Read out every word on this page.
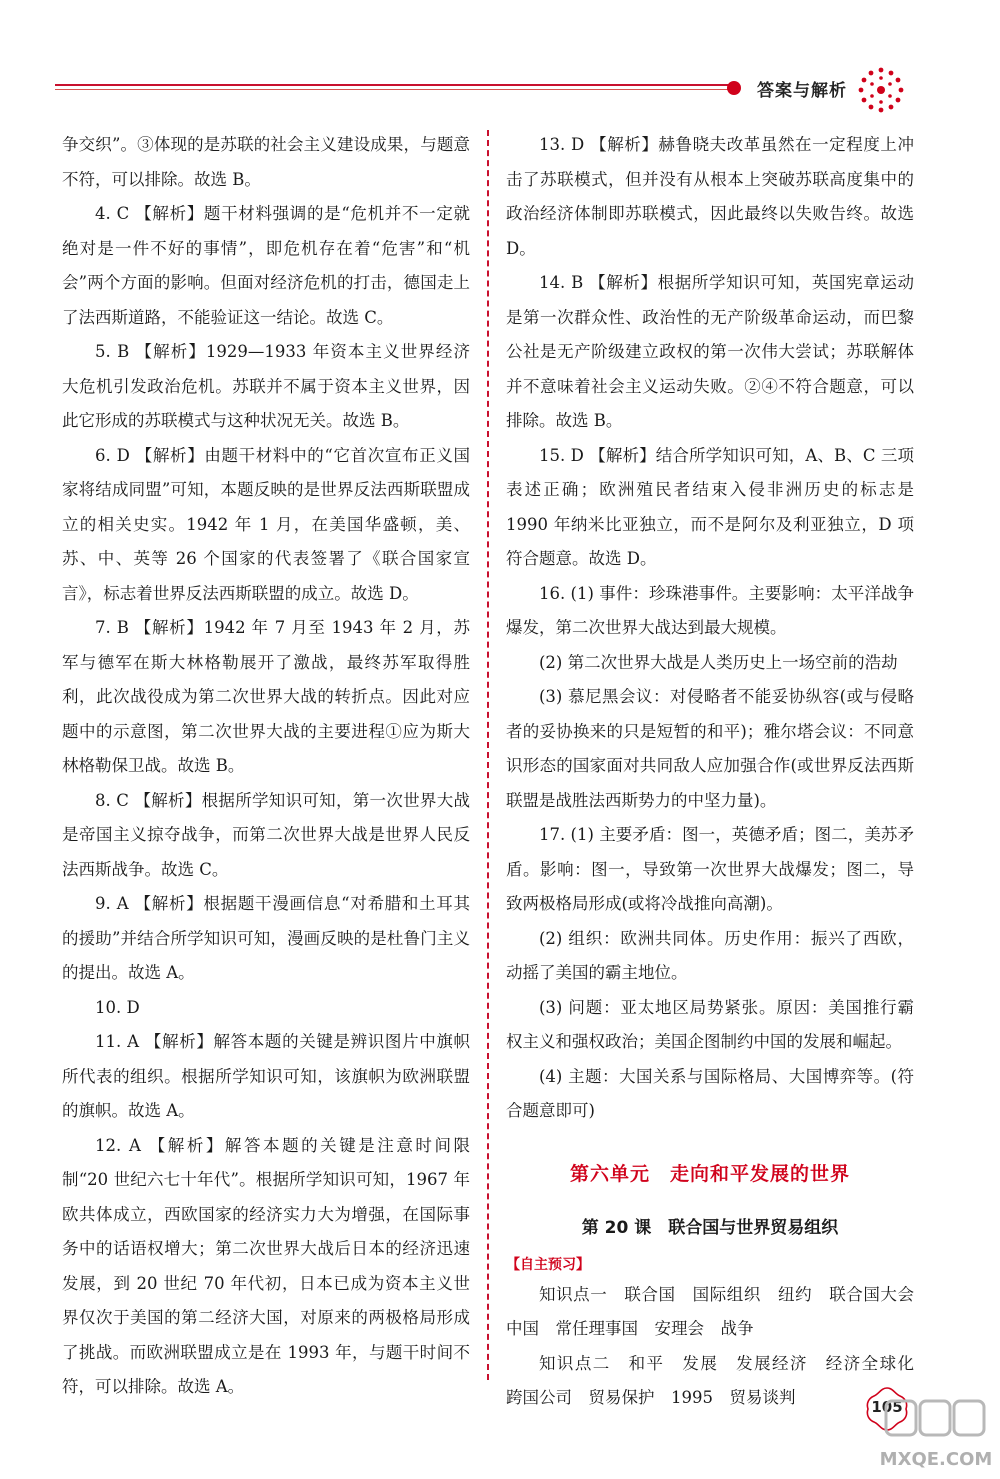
答案与解析

争交织”。③体现的是苏联的社会主义建设成果，与题意不符，可以排除。故选 B。

4. C 【解析】题干材料强调的是“危机并不一定就绝对是一件不好的事情”，即危机存在着“危害”和“机会”两个方面的影响。但面对经济危机的打击，德国走上了法西斯道路，不能验证这一结论。故选 C。

5. B 【解析】1929—1933 年资本主义世界经济大危机引发政治危机。苏联并不属于资本主义世界，因此它形成的苏联模式与这种状况无关。故选 B。

6. D 【解析】由题干材料中的“它首次宣布正义国家将结成同盟”可知，本题反映的是世界反法西斯联盟成立的相关史实。1942 年 1 月，在美国华盛顿，美、苏、中、英等 26 个国家的代表签署了《联合国家宣言》，标志着世界反法西斯联盟的成立。故选 D。

7. B 【解析】1942 年 7 月至 1943 年 2 月，苏军与德军在斯大林格勒展开了激战，最终苏军取得胜利，此次战役成为第二次世界大战的转折点。因此对应题中的示意图，第二次世界大战的主要进程①应为斯大林格勒保卫战。故选 B。

8. C 【解析】根据所学知识可知，第一次世界大战是帝国主义掠夺战争，而第二次世界大战是世界人民反法西斯战争。故选 C。

9. A 【解析】根据题干漫画信息“对希腊和土耳其的援助”并结合所学知识可知，漫画反映的是杜鲁门主义的提出。故选 A。

10. D

11. A 【解析】解答本题的关键是辨识图片中旗帜所代表的组织。根据所学知识可知，该旗帜为欧洲联盟的旗帜。故选 A。

12. A 【解析】解答本题的关键是注意时间限制“20 世纪六七十年代”。根据所学知识可知，1967 年欧共体成立，西欧国家的经济实力大为增强，在国际事务中的话语权增大；第二次世界大战后日本的经济迅速发展，到 20 世纪 70 年代初，日本已成为资本主义世界仅次于美国的第二经济大国，对原来的两极格局形成了挑战。而欧洲联盟成立是在 1993 年，与题干时间不符，可以排除。故选 A。

13. D 【解析】赫鲁晓夫改革虽然在一定程度上冲击了苏联模式，但并没有从根本上突破苏联高度集中的政治经济体制即苏联模式，因此最终以失败告终。故选 D。

14. B 【解析】根据所学知识可知，英国宪章运动是第一次群众性、政治性的无产阶级革命运动，而巴黎公社是无产阶级建立政权的第一次伟大尝试；苏联解体并不意味着社会主义运动失败。②④不符合题意，可以排除。故选 B。

15. D 【解析】结合所学知识可知，A、B、C 三项表述正确；欧洲殖民者结束入侵非洲历史的标志是 1990 年纳米比亚独立，而不是阿尔及利亚独立，D 项符合题意。故选 D。

16. (1) 事件：珍珠港事件。主要影响：太平洋战争爆发，第二次世界大战达到最大规模。

(2) 第二次世界大战是人类历史上一场空前的浩劫

(3) 慕尼黑会议：对侵略者不能妥协纵容(或与侵略者的妥协换来的只是短暂的和平)；雅尔塔会议：不同意识形态的国家面对共同敌人应加强合作(或世界反法西斯联盟是战胜法西斯势力的中坚力量)。

17. (1) 主要矛盾：图一，英德矛盾；图二，美苏矛盾。影响：图一，导致第一次世界大战爆发；图二，导致两极格局形成(或将冷战推向高潮)。

(2) 组织：欧洲共同体。历史作用：振兴了西欧，动摇了美国的霸主地位。

(3) 问题：亚太地区局势紧张。原因：美国推行霸权主义和强权政治；美国企图制约中国的发展和崛起。

(4) 主题：大国关系与国际格局、大国博弈等。(符合题意即可)

第六单元　走向和平发展的世界
第 20 课　联合国与世界贸易组织
【自主预习】

知识点一　联合国　国际组织　纽约　联合国大会　中国　常任理事国　安理会　战争

知识点二　和平　发展　发展经济　经济全球化　跨国公司　贸易保护　1995　贸易谈判	105
MXQE.COM
